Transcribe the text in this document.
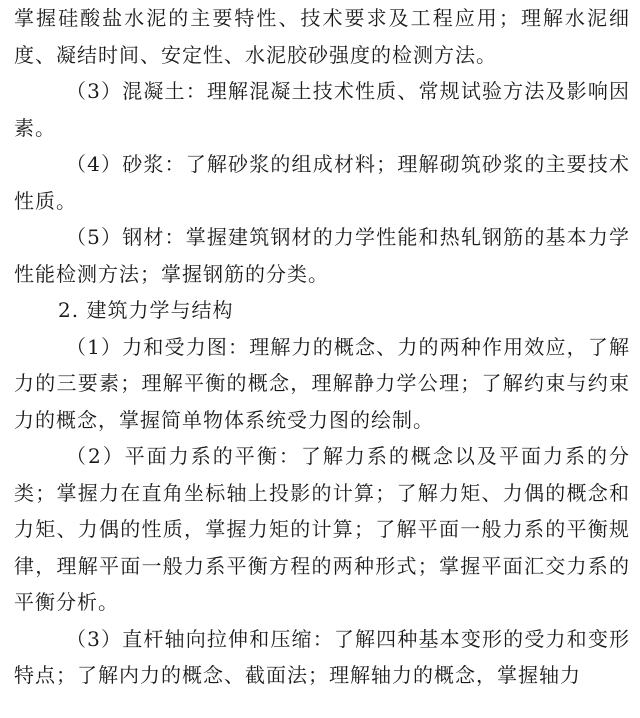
掌握硅酸盐水泥的主要特性、技术要求及工程应用；理解水泥细度、凝结时间、安定性、水泥胶砂强度的检测方法。

（3）混凝土：理解混凝土技术性质、常规试验方法及影响因素。

（4）砂浆：了解砂浆的组成材料；理解砌筑砂浆的主要技术性质。

（5）钢材：掌握建筑钢材的力学性能和热轧钢筋的基本力学性能检测方法；掌握钢筋的分类。

2. 建筑力学与结构

（1）力和受力图：理解力的概念、力的两种作用效应，了解力的三要素；理解平衡的概念，理解静力学公理；了解约束与约束力的概念，掌握简单物体系统受力图的绘制。

（2）平面力系的平衡：了解力系的概念以及平面力系的分类；掌握力在直角坐标轴上投影的计算；了解力矩、力偶的概念和力矩、力偶的性质，掌握力矩的计算；了解平面一般力系的平衡规律，理解平面一般力系平衡方程的两种形式；掌握平面汇交力系的平衡分析。

（3）直杆轴向拉伸和压缩：了解四种基本变形的受力和变形特点；了解内力的概念、截面法；理解轴力的概念，掌握轴力
